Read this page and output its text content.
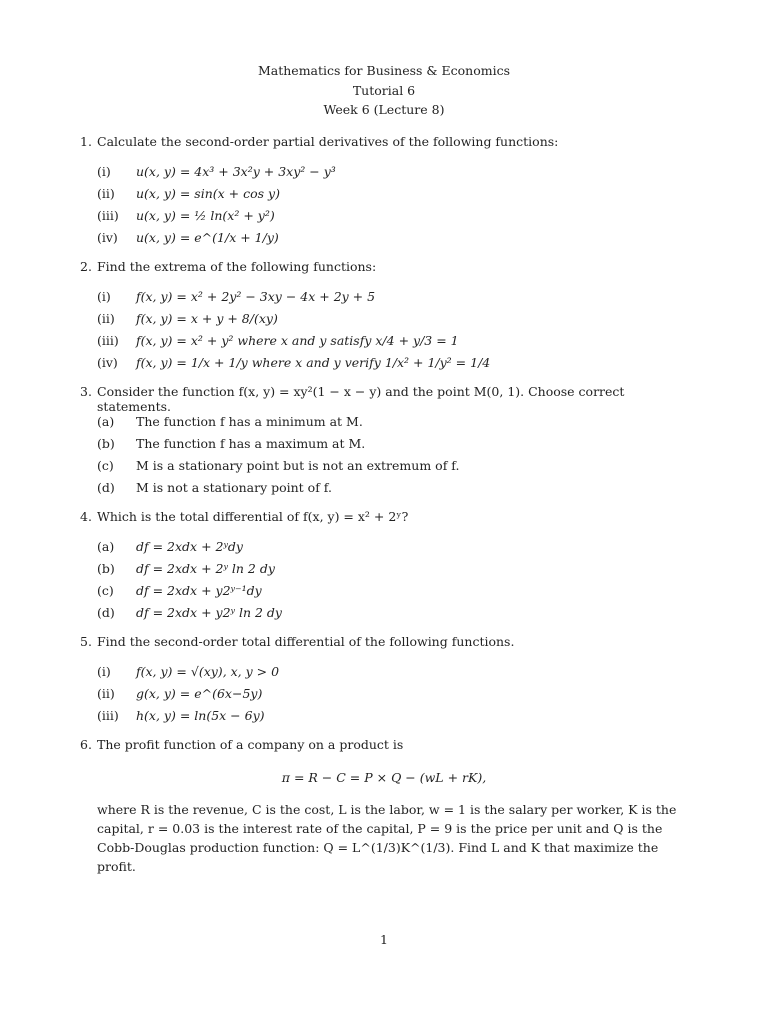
Mathematics for Business & Economics
Tutorial 6
Week 6 (Lecture 8)
1. Calculate the second-order partial derivatives of the following functions:
(i) u(x, y) = 4x³ + 3x²y + 3xy² − y³
(ii) u(x, y) = sin(x + cos y)
(iii) u(x, y) = ½ ln(x² + y²)
(iv) u(x, y) = e^(1/x + 1/y)
2. Find the extrema of the following functions:
(i) f(x, y) = x² + 2y² − 3xy − 4x + 2y + 5
(ii) f(x, y) = x + y + 8/(xy)
(iii) f(x, y) = x² + y² where x and y satisfy x/4 + y/3 = 1
(iv) f(x, y) = 1/x + 1/y where x and y verify 1/x² + 1/y² = 1/4
3. Consider the function f(x, y) = xy²(1 − x − y) and the point M(0, 1). Choose correct statements.
(a) The function f has a minimum at M.
(b) The function f has a maximum at M.
(c) M is a stationary point but is not an extremum of f.
(d) M is not a stationary point of f.
4. Which is the total differential of f(x, y) = x² + 2ʸ?
(a) df = 2xdx + 2ʸdy
(b) df = 2xdx + 2ʸ ln 2 dy
(c) df = 2xdx + y2ʸ⁻¹dy
(d) df = 2xdx + y2ʸ ln 2 dy
5. Find the second-order total differential of the following functions.
(i) f(x, y) = √(xy), x, y > 0
(ii) g(x, y) = e^(6x−5y)
(iii) h(x, y) = ln(5x − 6y)
6. The profit function of a company on a product is
π = R − C = P × Q − (wL + rK),
where R is the revenue, C is the cost, L is the labor, w = 1 is the salary per worker, K is the capital, r = 0.03 is the interest rate of the capital, P = 9 is the price per unit and Q is the Cobb-Douglas production function: Q = L^(1/3)K^(1/3). Find L and K that maximize the profit.
1
